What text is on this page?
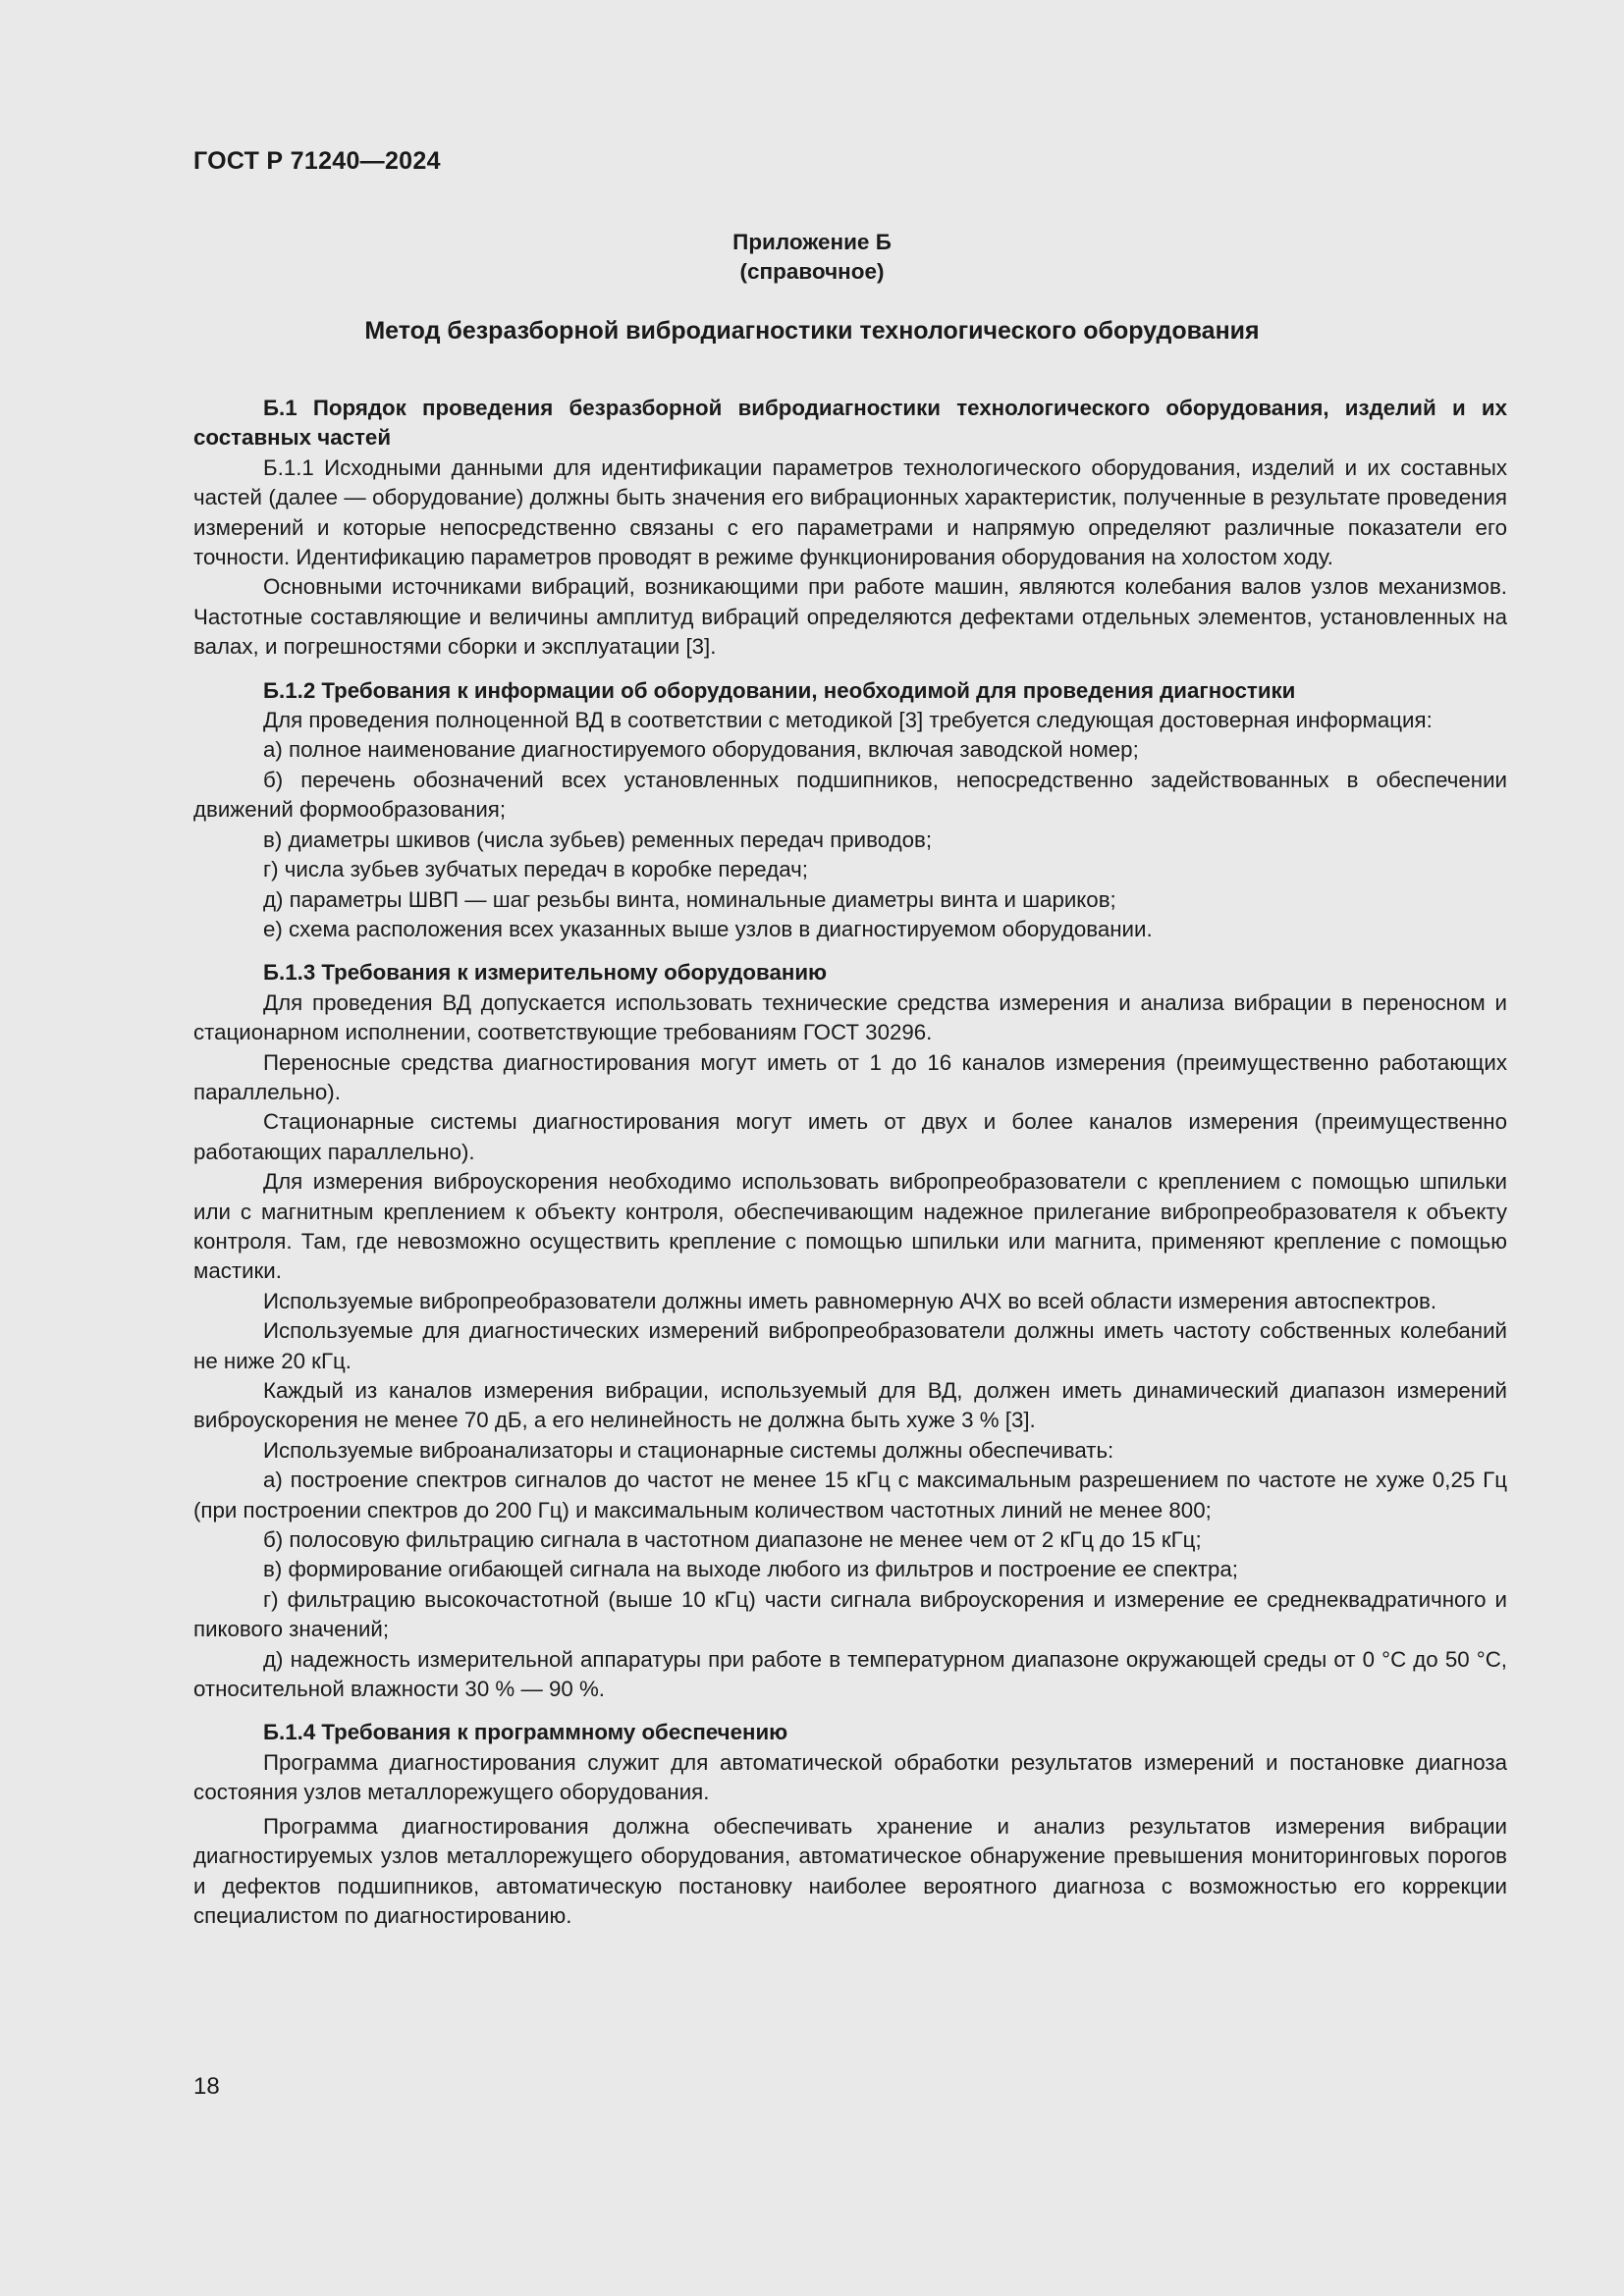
ГОСТ Р 71240—2024
Приложение Б
(справочное)
Метод безразборной вибродиагностики технологического оборудования

Б.1 Порядок проведения безразборной вибродиагностики технологического оборудования, изделий и их составных частей

Б.1.1 Исходными данными для идентификации параметров технологического оборудования, изделий и их составных частей (далее — оборудование) должны быть значения его вибрационных характеристик, полученные в результате проведения измерений и которые непосредственно связаны с его параметрами и напрямую определяют различные показатели его точности. Идентификацию параметров проводят в режиме функционирования оборудования на холостом ходу.

Основными источниками вибраций, возникающими при работе машин, являются колебания валов узлов механизмов. Частотные составляющие и величины амплитуд вибраций определяются дефектами отдельных элементов, установленных на валах, и погрешностями сборки и эксплуатации [3].

Б.1.2 Требования к информации об оборудовании, необходимой для проведения диагностики

Для проведения полноценной ВД в соответствии с методикой [3] требуется следующая достоверная информация:

а) полное наименование диагностируемого оборудования, включая заводской номер;

б) перечень обозначений всех установленных подшипников, непосредственно задействованных в обеспечении движений формообразования;

в) диаметры шкивов (числа зубьев) ременных передач приводов;

г) числа зубьев зубчатых передач в коробке передач;

д) параметры ШВП — шаг резьбы винта, номинальные диаметры винта и шариков;

е) схема расположения всех указанных выше узлов в диагностируемом оборудовании.

Б.1.3 Требования к измерительному оборудованию

Для проведения ВД допускается использовать технические средства измерения и анализа вибрации в переносном и стационарном исполнении, соответствующие требованиям ГОСТ 30296.

Переносные средства диагностирования могут иметь от 1 до 16 каналов измерения (преимущественно работающих параллельно).

Стационарные системы диагностирования могут иметь от двух и более каналов измерения (преимущественно работающих параллельно).

Для измерения виброускорения необходимо использовать вибропреобразователи с креплением с помощью шпильки или с магнитным креплением к объекту контроля, обеспечивающим надежное прилегание вибропреобразователя к объекту контроля. Там, где невозможно осуществить крепление с помощью шпильки или магнита, применяют крепление с помощью мастики.

Используемые вибропреобразователи должны иметь равномерную АЧХ во всей области измерения автоспектров.

Используемые для диагностических измерений вибропреобразователи должны иметь частоту собственных колебаний не ниже 20 кГц.

Каждый из каналов измерения вибрации, используемый для ВД, должен иметь динамический диапазон измерений виброускорения не менее 70 дБ, а его нелинейность не должна быть хуже 3 % [3].

Используемые виброанализаторы и стационарные системы должны обеспечивать:

а) построение спектров сигналов до частот не менее 15 кГц с максимальным разрешением по частоте не хуже 0,25 Гц (при построении спектров до 200 Гц) и максимальным количеством частотных линий не менее 800;

б) полосовую фильтрацию сигнала в частотном диапазоне не менее чем от 2 кГц до 15 кГц;

в) формирование огибающей сигнала на выходе любого из фильтров и построение ее спектра;

г) фильтрацию высокочастотной (выше 10 кГц) части сигнала виброускорения и измерение ее среднеквадратичного и пикового значений;

д) надежность измерительной аппаратуры при работе в температурном диапазоне окружающей среды от 0 °С до 50 °С, относительной влажности 30 % — 90 %.

Б.1.4 Требования к программному обеспечению

Программа диагностирования служит для автоматической обработки результатов измерений и постановке диагноза состояния узлов металлорежущего оборудования.

Программа диагностирования должна обеспечивать хранение и анализ результатов измерения вибрации диагностируемых узлов металлорежущего оборудования, автоматическое обнаружение превышения мониторинговых порогов и дефектов подшипников, автоматическую постановку наиболее вероятного диагноза с возможностью его коррекции специалистом по диагностированию.

18
